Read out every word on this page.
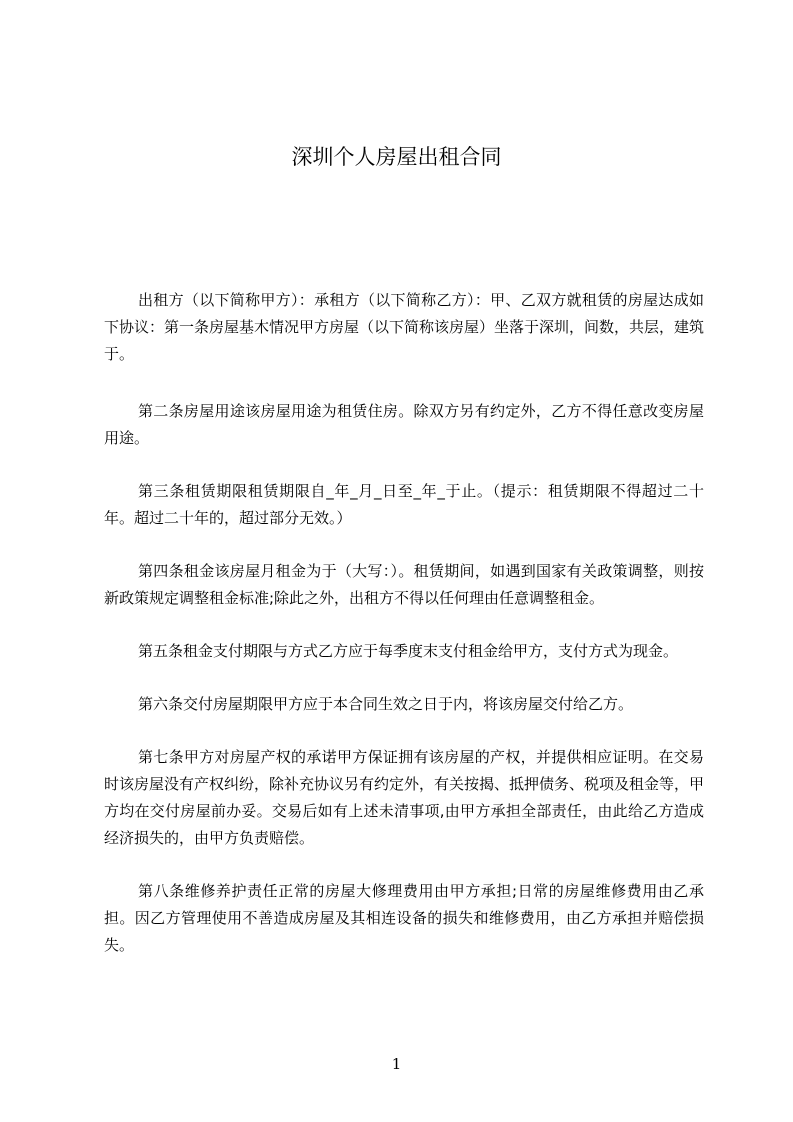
深圳个人房屋出租合同

出租方（以下简称甲方）：承租方（以下简称乙方）：甲、乙双方就租赁的房屋达成如下协议：第一条房屋基木情况甲方房屋（以下简称该房屋）坐落于深圳，间数，共层，建筑于。

第二条房屋用途该房屋用途为租赁住房。除双方另有约定外，乙方不得任意改变房屋用途。

第三条租赁期限租赁期限自_年_月_日至_年_于止。（提示：租赁期限不得超过二十年。超过二十年的，超过部分无效。）

第四条租金该房屋月租金为于（大写：）。租赁期间，如遇到国家有关政策调整，则按新政策规定调整租金标准;除此之外，出租方不得以任何理由任意调整租金。

第五条租金支付期限与方式乙方应于每季度末支付租金给甲方，支付方式为现金。

第六条交付房屋期限甲方应于本合同生效之日于内，将该房屋交付给乙方。

第七条甲方对房屋产权的承诺甲方保证拥有该房屋的产权，并提供相应证明。在交易时该房屋没有产权纠纷，除补充协议另有约定外，有关按揭、抵押债务、税项及租金等，甲方均在交付房屋前办妥。交易后如有上述未清事项,由甲方承担全部责任，由此给乙方造成经济损失的，由甲方负责赔偿。

第八条维修养护责任正常的房屋大修理费用由甲方承担;日常的房屋维修费用由乙承担。因乙方管理使用不善造成房屋及其相连设备的损失和维修费用，由乙方承担并赔偿损失。

1
